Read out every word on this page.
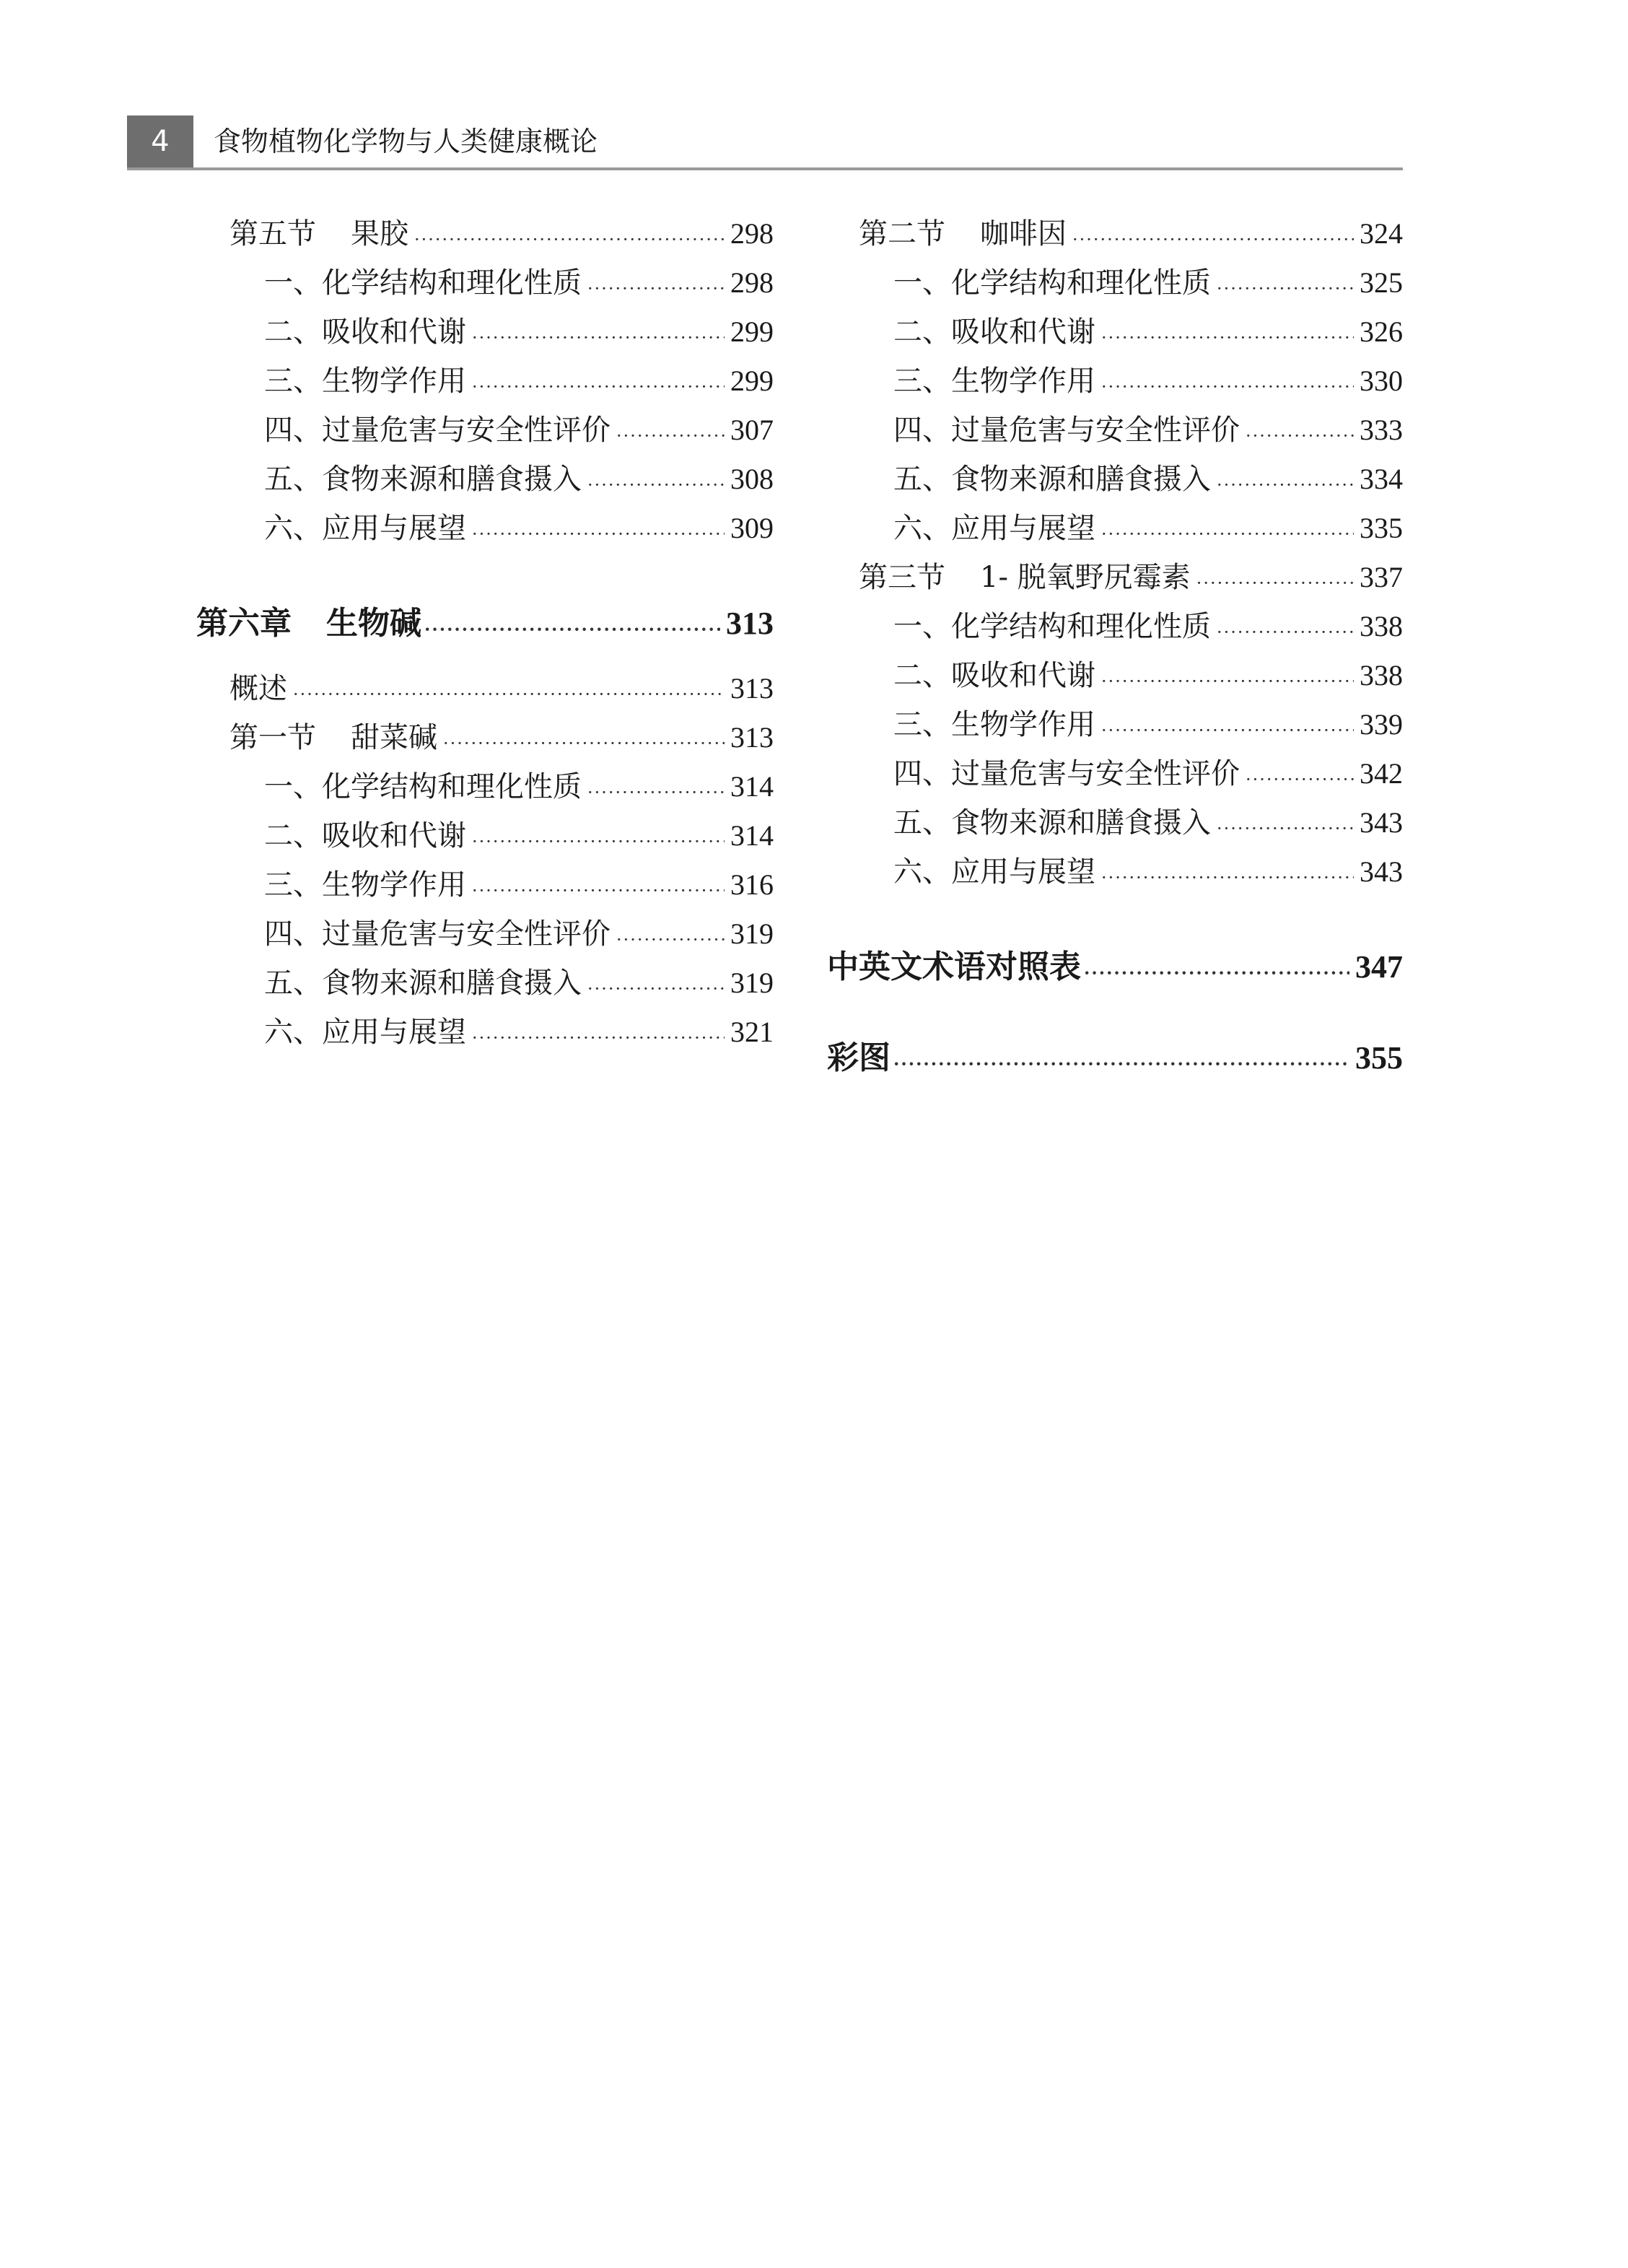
4	食物植物化学物与人类健康概论
第五节 果胶 ·····	298
一、化学结构和理化性质 ·····	298
二、吸收和代谢 ·····	299
三、生物学作用 ·····	299
四、过量危害与安全性评价 ·····	307
五、食物来源和膳食摄入 ·····	308
六、应用与展望 ·····	309
第六章 生物碱 ·····	313
概述 ·····	313
第一节 甜菜碱 ·····	313
一、化学结构和理化性质 ·····	314
二、吸收和代谢 ·····	314
三、生物学作用 ·····	316
四、过量危害与安全性评价 ·····	319
五、食物来源和膳食摄入 ·····	319
六、应用与展望 ·····	321
第二节 咖啡因 ·····	324
一、化学结构和理化性质 ·····	325
二、吸收和代谢 ·····	326
三、生物学作用 ·····	330
四、过量危害与安全性评价 ·····	333
五、食物来源和膳食摄入 ·····	334
六、应用与展望 ·····	335
第三节 1- 脱氧野尻霉素 ·····	337
一、化学结构和理化性质 ·····	338
二、吸收和代谢 ·····	338
三、生物学作用 ·····	339
四、过量危害与安全性评价 ·····	342
五、食物来源和膳食摄入 ·····	343
六、应用与展望 ·····	343
中英文术语对照表 ·····	347
彩图 ·····	355
